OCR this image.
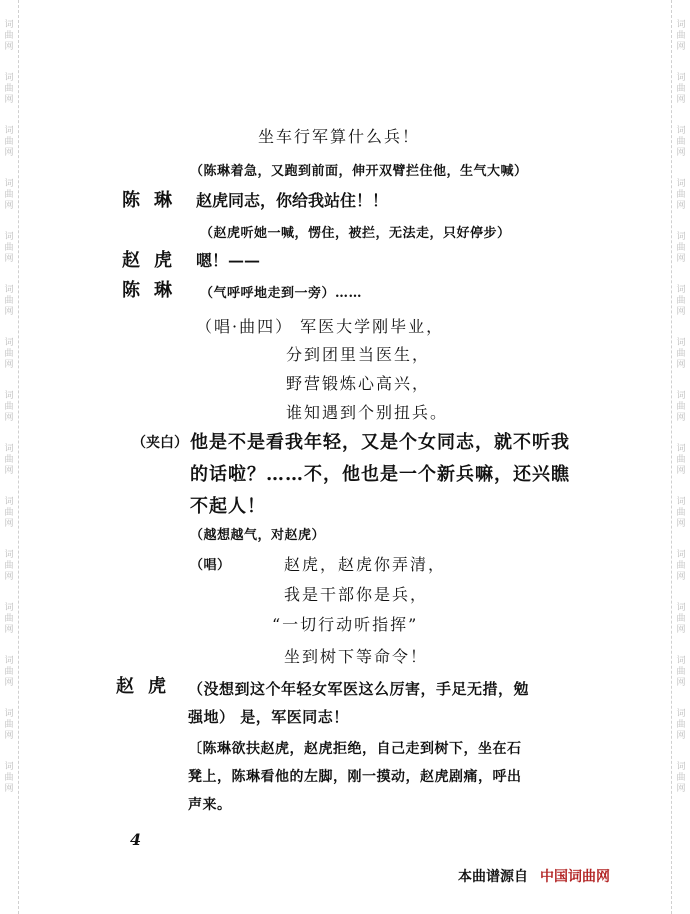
词曲网
词曲网
词曲网
词曲网
词曲网
词曲网
词曲网
词曲网
词曲网
词曲网
词曲网
词曲网
词曲网
词曲网
词曲网
词曲网
词曲网
词曲网
词曲网
词曲网
词曲网
词曲网
词曲网
词曲网
词曲网
词曲网
词曲网
词曲网
词曲网
词曲网
坐车行军算什么兵！
（陈琳着急，又跑到前面，伸开双臂拦住他，生气大喊）
陈琳 赵虎同志，你给我站住！！
（赵虎听她一喊，愣住，被拦，无法走，只好停步）
赵虎 嗯！——
陈琳 （气呼呼地走到一旁）……
（唱·曲四） 军医大学刚毕业，
分到团里当医生，
野营锻炼心高兴，
谁知遇到个别扭兵。
（夹白） 他是不是看我年轻，又是个女同志，就不听我
的话啦？……不，他也是一个新兵嘛，还兴瞧
不起人！
（越想越气，对赵虎）
（唱）	赵虎，赵虎你弄清，
我是干部你是兵，
“一切行动听指挥”
坐到树下等命令！
赵虎 （没想到这个年轻女军医这么厉害，手足无措，勉
强地） 是，军医同志！
〔陈琳欲扶赵虎，赵虎拒绝，自己走到树下，坐在石
凳上，陈琳看他的左脚，刚一摸动，赵虎剧痛，呼出
声来。
4
本曲谱源自 中国词曲网
